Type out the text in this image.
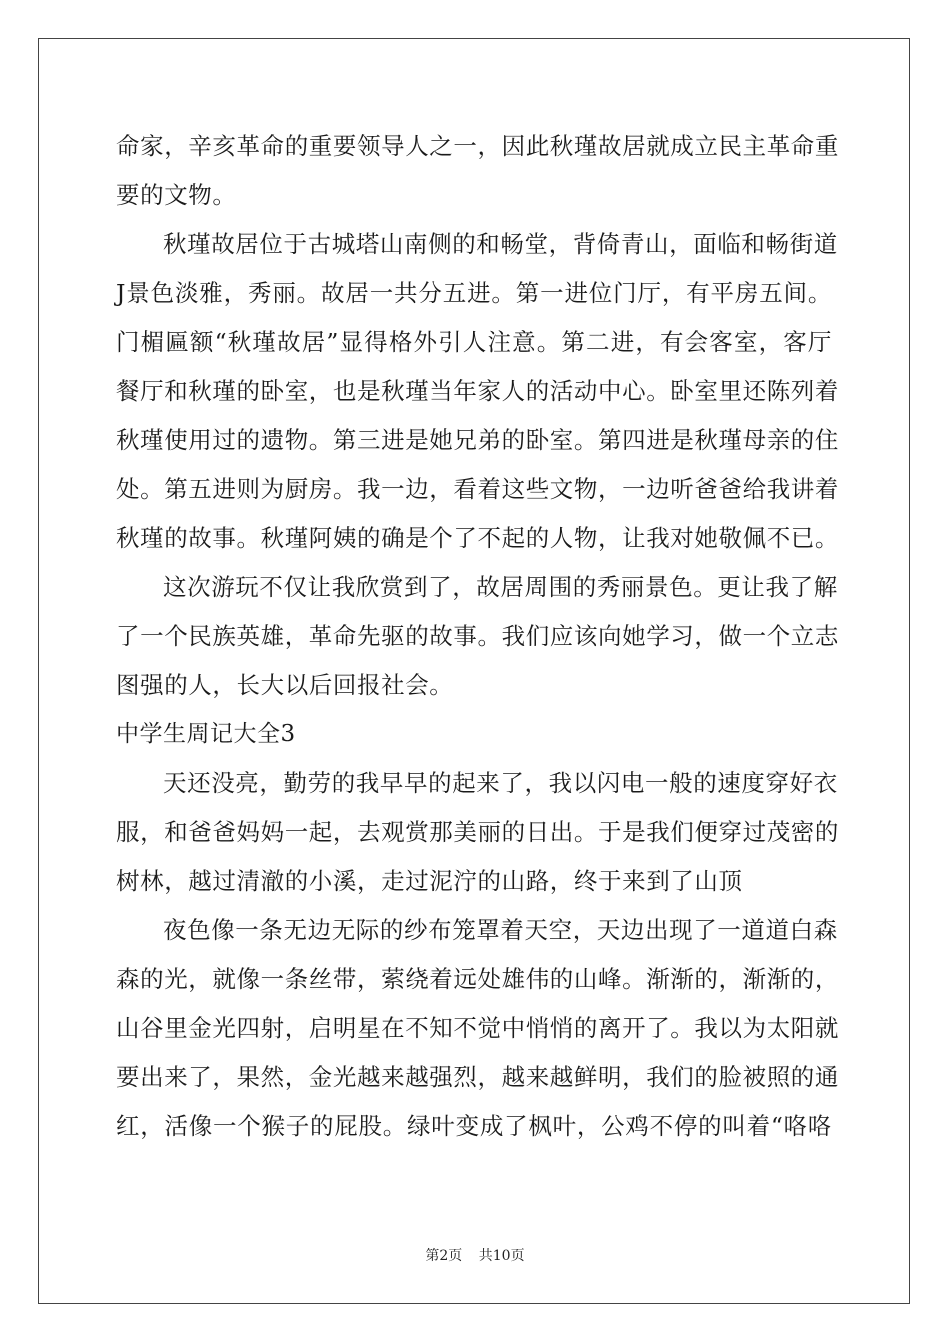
命家，辛亥革命的重要领导人之一，因此秋瑾故居就成立民主革命重
要的文物。
秋瑾故居位于古城塔山南侧的和畅堂，背倚青山，面临和畅街道
J景色淡雅，秀丽。故居一共分五进。第一进位门厅，有平房五间。
门楣匾额“秋瑾故居”显得格外引人注意。第二进，有会客室，客厅
餐厅和秋瑾的卧室，也是秋瑾当年家人的活动中心。卧室里还陈列着
秋瑾使用过的遗物。第三进是她兄弟的卧室。第四进是秋瑾母亲的住
处。第五进则为厨房。我一边，看着这些文物，一边听爸爸给我讲着
秋瑾的故事。秋瑾阿姨的确是个了不起的人物，让我对她敬佩不已。
这次游玩不仅让我欣赏到了，故居周围的秀丽景色。更让我了解
了一个民族英雄，革命先驱的故事。我们应该向她学习，做一个立志
图强的人，长大以后回报社会。
中学生周记大全3
天还没亮，勤劳的我早早的起来了，我以闪电一般的速度穿好衣
服，和爸爸妈妈一起，去观赏那美丽的日出。于是我们便穿过茂密的
树林，越过清澈的小溪，走过泥泞的山路，终于来到了山顶
夜色像一条无边无际的纱布笼罩着天空，天边出现了一道道白森
森的光，就像一条丝带，萦绕着远处雄伟的山峰。渐渐的，渐渐的，
山谷里金光四射，启明星在不知不觉中悄悄的离开了。我以为太阳就
要出来了，果然，金光越来越强烈，越来越鲜明，我们的脸被照的通
红，活像一个猴子的屁股。绿叶变成了枫叶，公鸡不停的叫着“咯咯
第2页 共10页
